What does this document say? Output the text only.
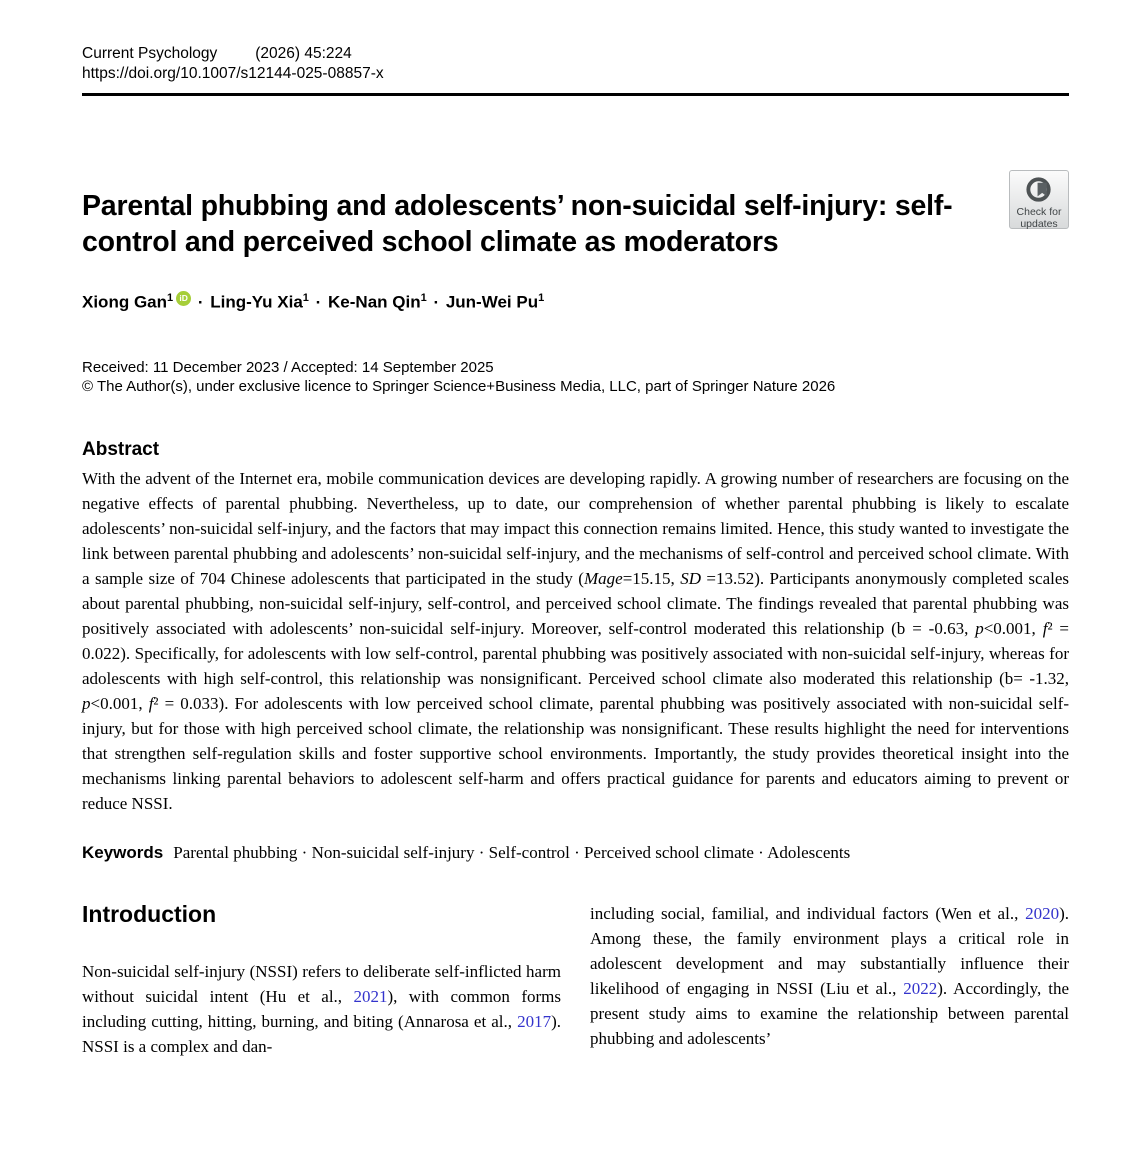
Current Psychology (2026) 45:224
https://doi.org/10.1007/s12144-025-08857-x
Check for
updates
Parental phubbing and adolescents’ non-suicidal self-injury: self-
control and perceived school climate as moderators
Xiong Gan$^1$ iD · Ling-Yu Xia$^1$ · Ke-Nan Qin$^1$ · Jun-Wei Pu$^1$
Received: 11 December 2023 / Accepted: 14 September 2025
© The Author(s), under exclusive licence to Springer Science+Business Media, LLC, part of Springer Nature 2026
Abstract

With the advent of the Internet era, mobile communication devices are developing rapidly. A growing number of researchers are focusing on the negative effects of parental phubbing. Nevertheless, up to date, our comprehension of whether parental phubbing is likely to escalate adolescents’ non-suicidal self-injury, and the factors that may impact this connection remains limited. Hence, this study wanted to investigate the link between parental phubbing and adolescents’ non-suicidal self-injury, and the mechanisms of self-control and perceived school climate. With a sample size of 704 Chinese adolescents that participated in the study (Mage=15.15, SD =13.52). Participants anonymously completed scales about parental phubbing, non-suicidal self-injury, self-control, and perceived school climate. The findings revealed that parental phubbing was positively associated with adolescents’ non-suicidal self-injury. Moreover, self-control moderated this relationship (b = -0.63, p<0.001, f² = 0.022). Specifically, for adolescents with low self-control, parental phubbing was positively associated with non-suicidal self-injury, whereas for adolescents with high self-control, this relationship was nonsignificant. Perceived school climate also moderated this relationship (b= -1.32, p<0.001, f² = 0.033). For adolescents with low perceived school climate, parental phubbing was positively associated with non-suicidal self-injury, but for those with high perceived school climate, the relationship was nonsignificant. These results highlight the need for interventions that strengthen self-regulation skills and foster supportive school environments. Importantly, the study provides theoretical insight into the mechanisms linking parental behaviors to adolescent self-harm and offers practical guidance for parents and educators aiming to prevent or reduce NSSI.

Keywords Parental phubbing · Non-suicidal self-injury · Self-control · Perceived school climate · Adolescents
Introduction

Non-suicidal self-injury (NSSI) refers to deliberate self-inflicted harm without suicidal intent (Hu et al., 2021), with common forms including cutting, hitting, burning, and biting (Annarosa et al., 2017). NSSI is a complex and dan-

including social, familial, and individual factors (Wen et al., 2020). Among these, the family environment plays a critical role in adolescent development and may substantially influence their likelihood of engaging in NSSI (Liu et al., 2022). Accordingly, the present study aims to examine the relationship between parental phubbing and adolescents’
